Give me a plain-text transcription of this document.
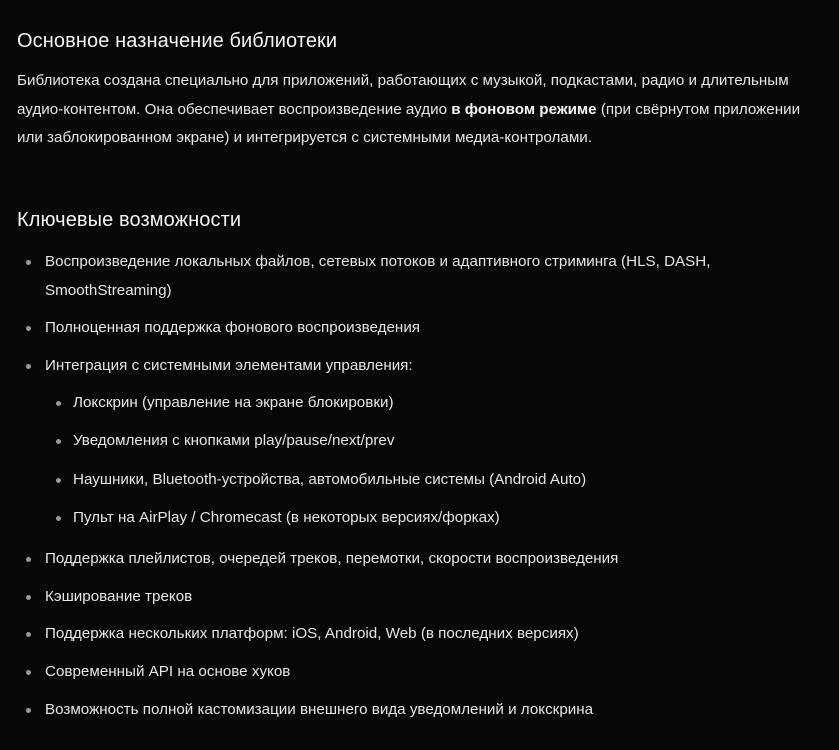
Основное назначение библиотеки

Библиотека создана специально для приложений, работающих с музыкой, подкастами, радио и длительным аудио-контентом. Она обеспечивает воспроизведение аудио в фоновом режиме (при свёрнутом приложении или заблокированном экране) и интегрируется с системными медиа-контролами.

Ключевые возможности
Воспроизведение локальных файлов, сетевых потоков и адаптивного стриминга (HLS, DASH, SmoothStreaming)
Полноценная поддержка фонового воспроизведения
Интеграция с системными элементами управления:
Локскрин (управление на экране блокировки)
Уведомления с кнопками play/pause/next/prev
Наушники, Bluetooth-устройства, автомобильные системы (Android Auto)
Пульт на AirPlay / Chromecast (в некоторых версиях/форках)
Поддержка плейлистов, очередей треков, перемотки, скорости воспроизведения
Кэширование треков
Поддержка нескольких платформ: iOS, Android, Web (в последних версиях)
Современный API на основе хуков
Возможность полной кастомизации внешнего вида уведомлений и локскрина
